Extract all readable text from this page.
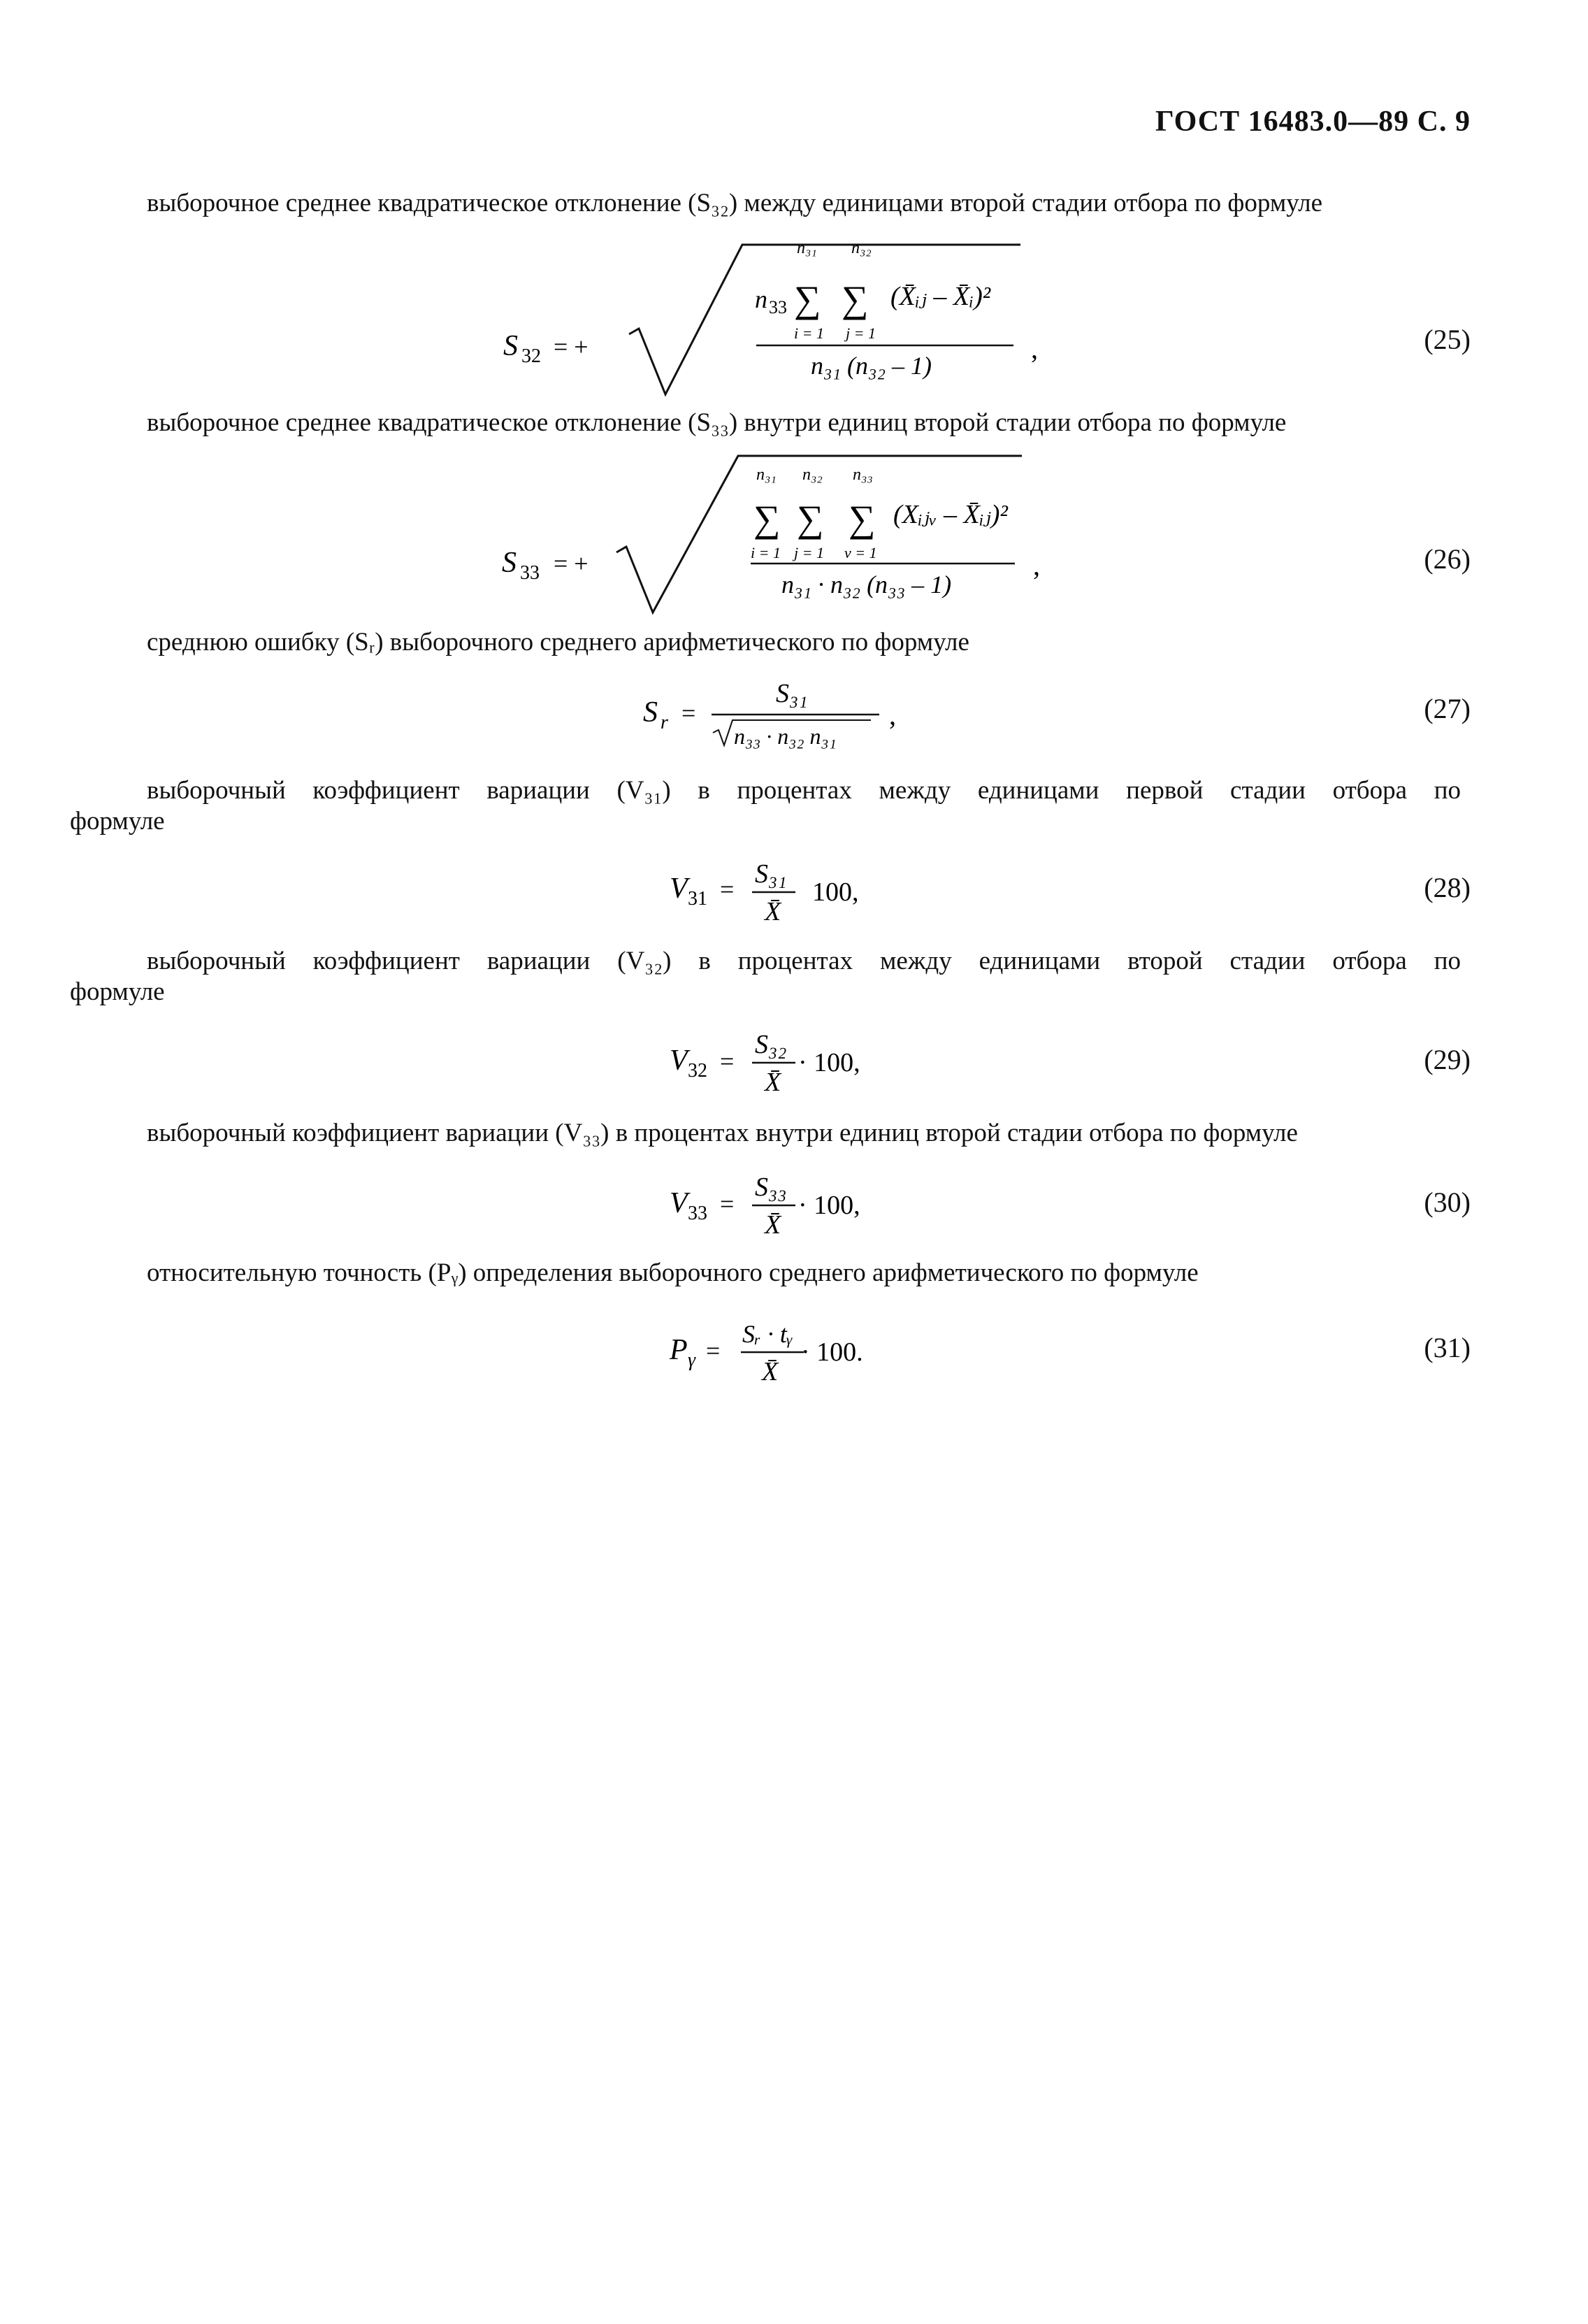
ГОСТ 16483.0—89 С. 9
выборочное среднее квадратическое отклонение (S₃₂) между единицами второй стадии отбора по формуле
S 32 = +
n₃₁ n₃₂
n 33 ∑ ∑ (X̄ᵢⱼ – X̄ᵢ)²
i = 1 j = 1
n₃₁ (n₃₂ – 1)
,	(25)
выборочное среднее квадратическое отклонение (S₃₃) внутри единиц второй стадии отбора по формуле
S 33 = +
n₃₁ n₃₂ n₃₃
∑ ∑ ∑ (Xᵢⱼᵥ – X̄ᵢⱼ)²
i = 1 j = 1 v = 1
n₃₁ · n₃₂ (n₃₃ – 1)
,	(26)
среднюю ошибку (Sᵣ) выборочного среднего арифметического по формуле
S r =
S₃₁
n₃₃ · n₃₂ n₃₁
,	(27)
выборочный коэффициент вариации (V₃₁) в процентах между единицами первой стадии отбора по
формуле
V 31 =
S₃₁
X̄
100,	(28)
выборочный коэффициент вариации (V₃₂) в процентах между единицами второй стадии отбора по
формуле
V 32 =
S₃₂
X̄
· 100,	(29)
выборочный коэффициент вариации (V₃₃) в процентах внутри единиц второй стадии отбора по формуле
V 33 =
S₃₃
X̄
· 100,	(30)
относительную точность (Pᵧ) определения выборочного среднего арифметического по формуле
P γ =
Sᵣ · tᵧ
X̄
· 100.	(31)
